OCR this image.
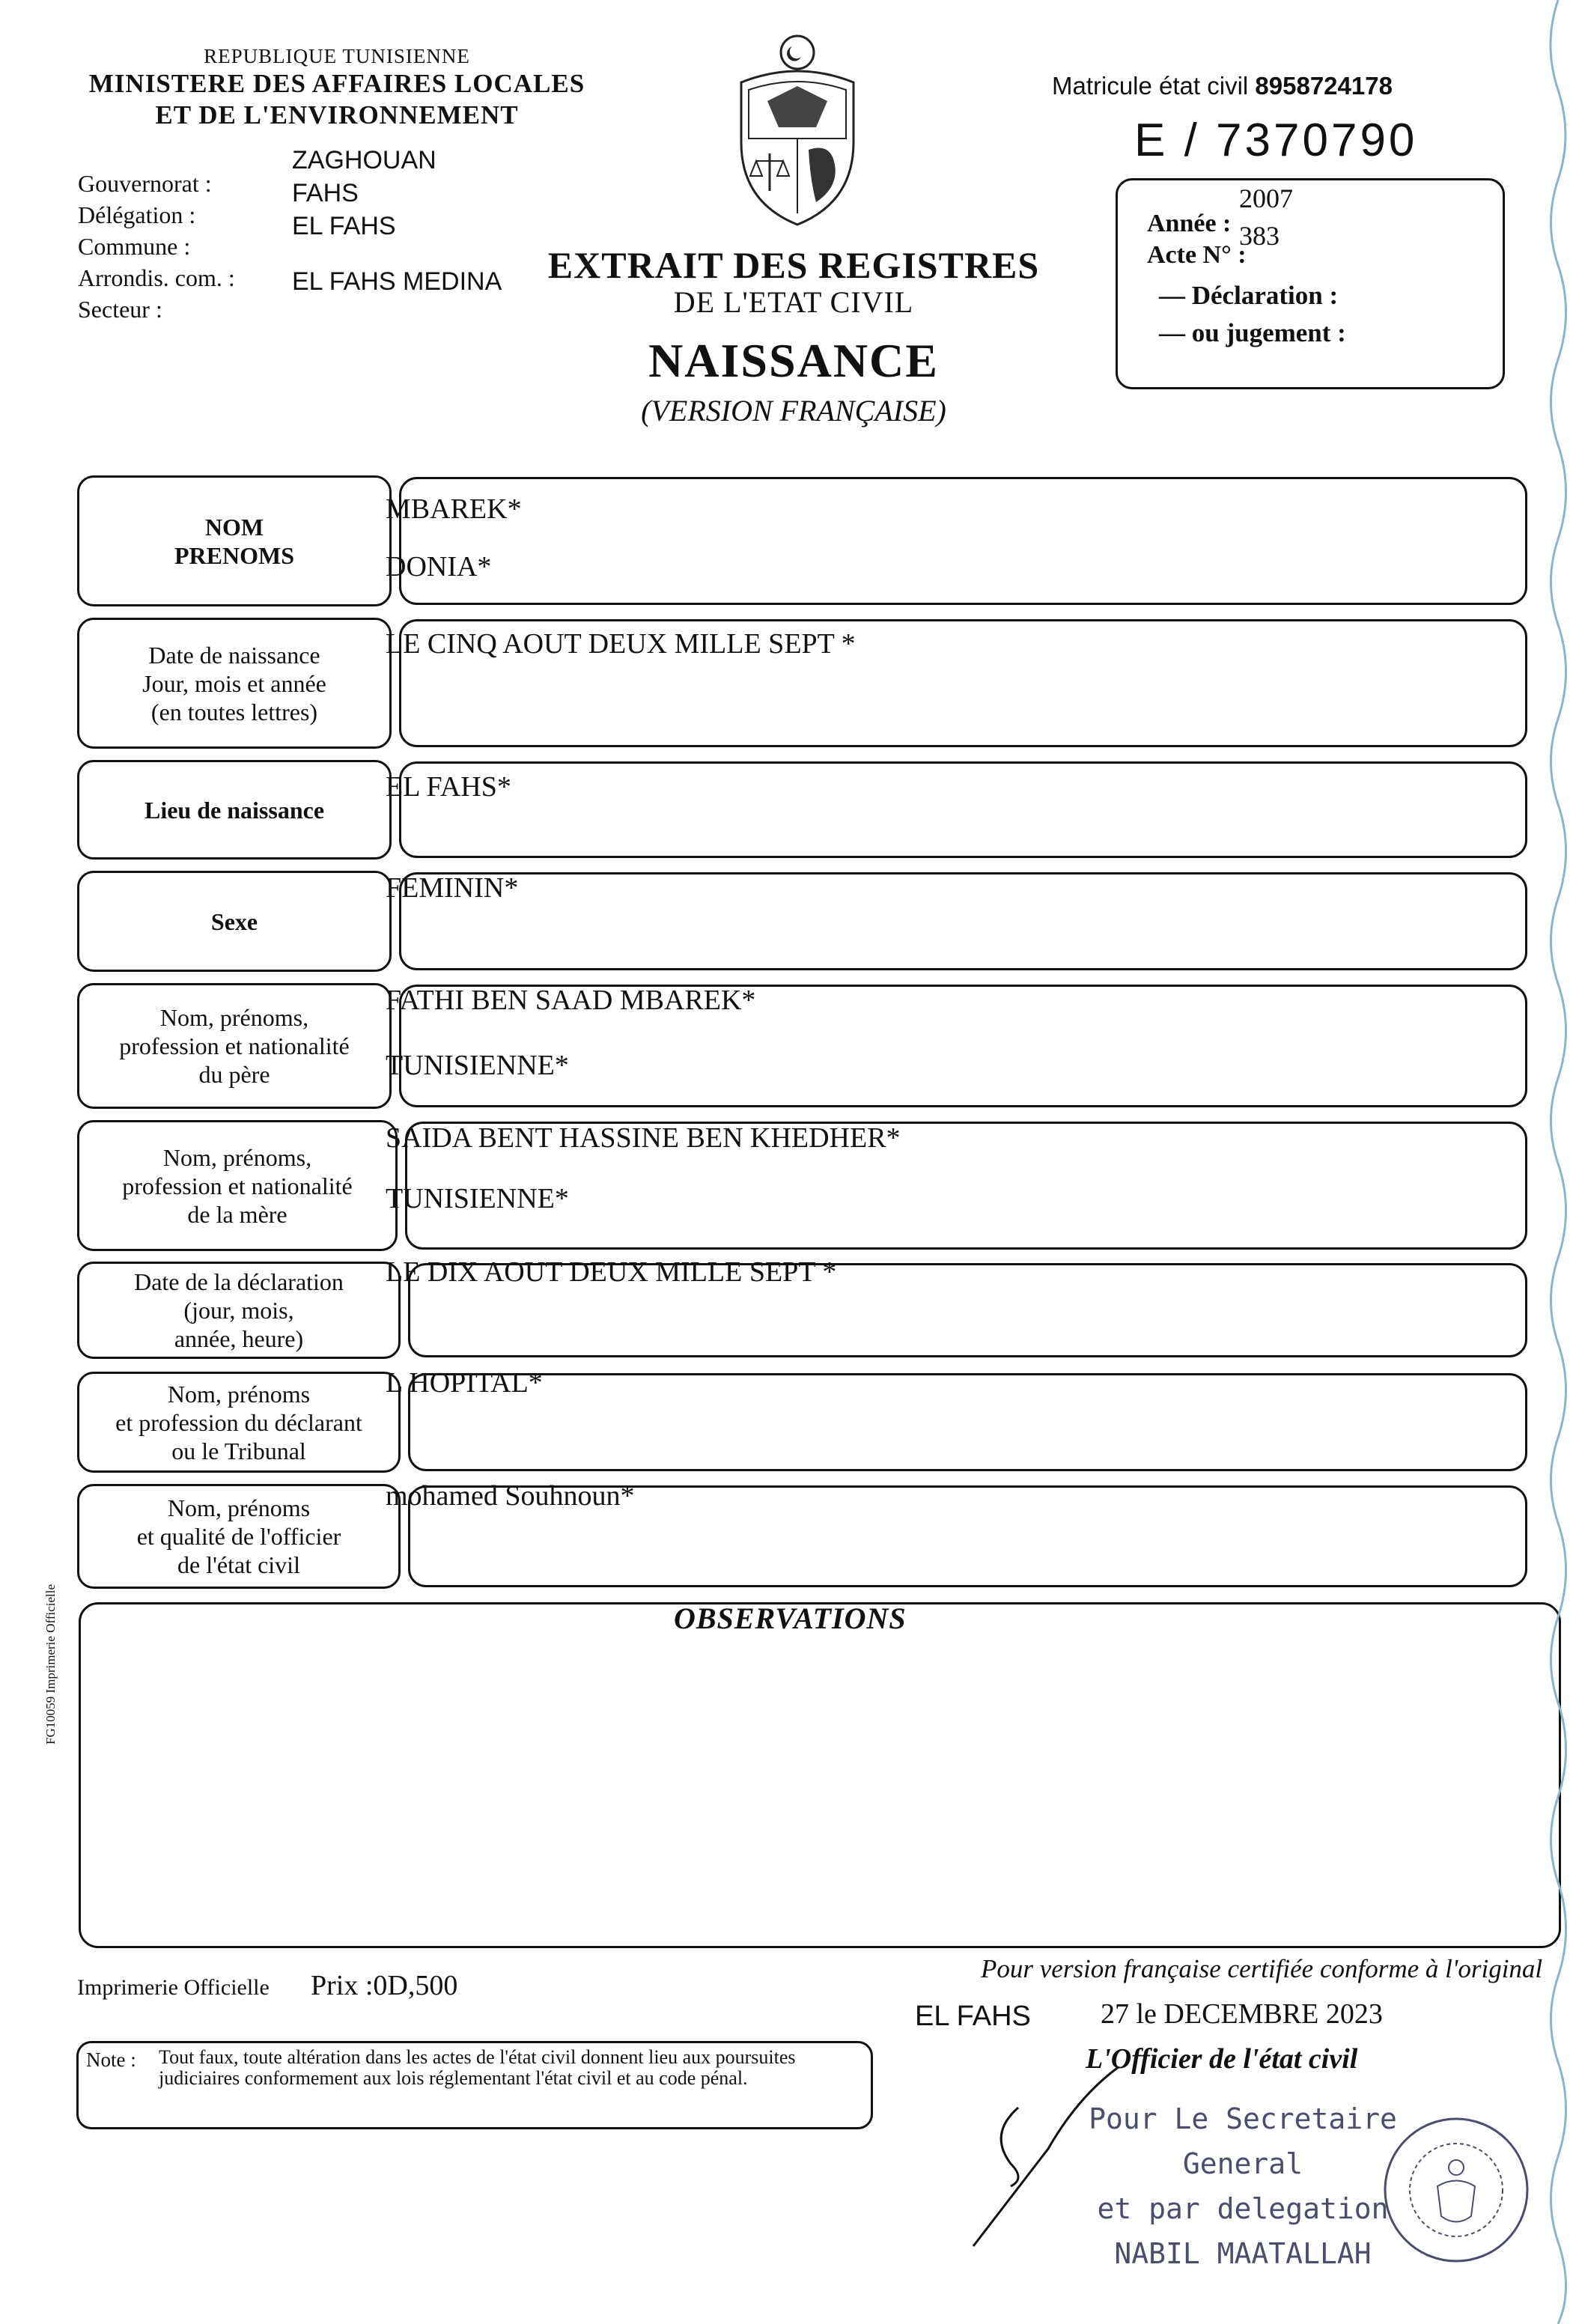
REPUBLIQUE TUNISIENNE
MINISTERE DES AFFAIRES LOCALES
ET DE L'ENVIRONNEMENT
Gouvernorat :
Délégation :
Commune :
Arrondis. com. :
Secteur :
ZAGHOUAN
FAHS
EL FAHS
EL FAHS MEDINA	EXTRAIT DES REGISTRES
DE L'ETAT CIVIL
NAISSANCE
(VERSION FRANÇAISE)
Matricule état civil 8958724178
E / 7370790
2007
Année :
Acte N° :
383
— Déclaration :
— ou jugement :
NOM
PRENOMS
MBAREK*
DONIA*
Date de naissance
Jour, mois et année
(en toutes lettres)
LE CINQ AOUT DEUX MILLE SEPT *
Lieu de naissance
EL FAHS*
Sexe
FEMININ*
Nom, prénoms,
profession et nationalité
du père
FATHI BEN SAAD MBAREK*
TUNISIENNE*
Nom, prénoms,
profession et nationalité
de la mère
SAIDA BENT HASSINE BEN KHEDHER*
TUNISIENNE*
Date de la déclaration
(jour, mois,
année, heure)
LE DIX AOUT DEUX MILLE SEPT *
Nom, prénoms
et profession du déclarant
ou le Tribunal
L HOPITAL*
Nom, prénoms
et qualité de l'officier
de l'état civil
mohamed Souhnoun*
OBSERVATIONS
FG10059 Imprimerie Officielle
Imprimerie Officielle Prix :0D,500
Note : Tout faux, toute altération dans les actes de l'état civil donnent lieu aux poursuites judiciaires conformement aux lois réglementant l'état civil et au code pénal.
Pour version française certifiée conforme à l'original
EL FAHS 27 le DECEMBRE 2023
L'Officier de l'état civil
Pour Le Secretaire
General
et par delegation
NABIL MAATALLAH
